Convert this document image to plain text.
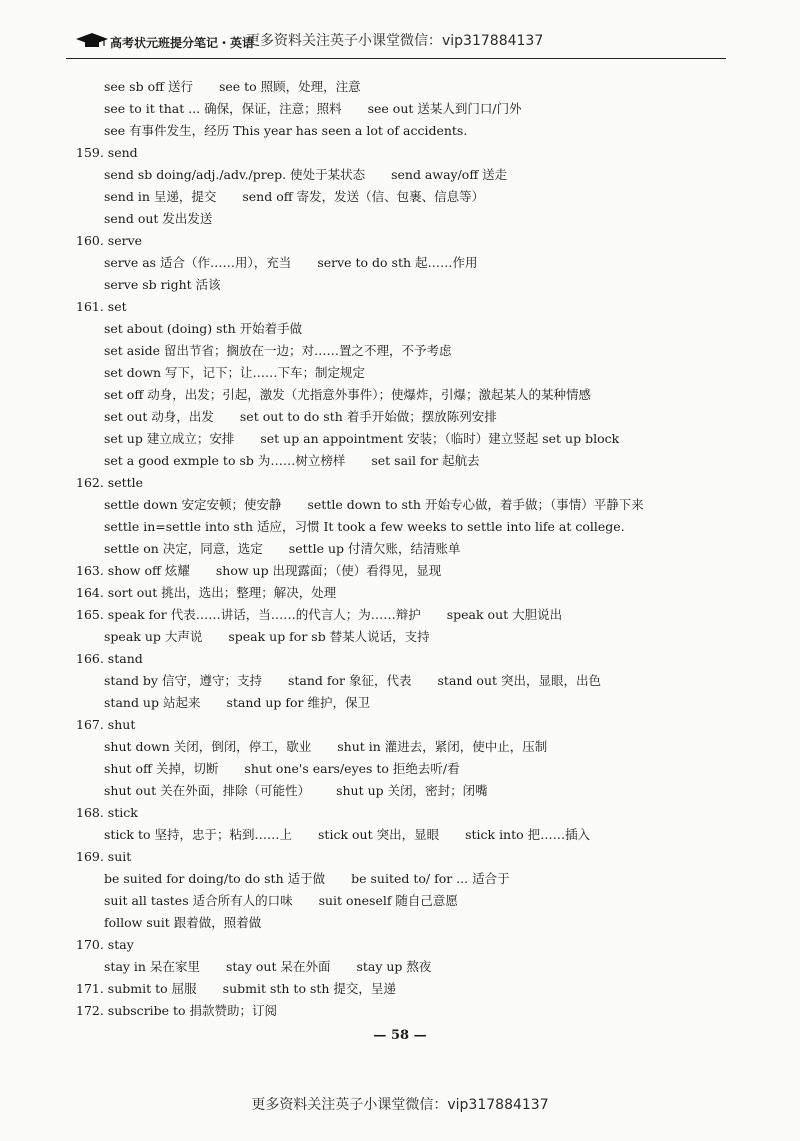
高考状元班提分笔记・英语
更多资料关注英子小课堂微信：vip317884137
see sb off 送行 see to 照顾，处理，注意
see to it that ... 确保，保证，注意；照料 see out 送某人到门口/门外
see 有事件发生，经历 This year has seen a lot of accidents.
159. send
send sb doing/adj./adv./prep. 使处于某状态 send away/off 送走
send in 呈递，提交 send off 寄发，发送（信、包裹、信息等）
send out 发出发送
160. serve
serve as 适合（作……用），充当 serve to do sth 起……作用
serve sb right 活该
161. set
set about (doing) sth 开始着手做
set aside 留出节省；搁放在一边；对……置之不理，不予考虑
set down 写下，记下；让……下车；制定规定
set off 动身，出发；引起，激发（尤指意外事件）；使爆炸，引爆；激起某人的某种情感
set out 动身，出发 set out to do sth 着手开始做；摆放陈列安排
set up 建立成立；安排 set up an appointment 安装；（临时）建立竖起 set up block
set a good exmple to sb 为……树立榜样 set sail for 起航去
162. settle
settle down 安定安顿；使安静 settle down to sth 开始专心做，着手做；（事情）平静下来
settle in=settle into sth 适应，习惯 It took a few weeks to settle into life at college.
settle on 决定，同意，选定 settle up 付清欠账，结清账单
163. show off 炫耀 show up 出现露面；（使）看得见，显现
164. sort out 挑出，选出；整理；解决，处理
165. speak for 代表……讲话，当……的代言人；为……辩护 speak out 大胆说出
speak up 大声说 speak up for sb 替某人说话，支持
166. stand
stand by 信守，遵守；支持 stand for 象征，代表 stand out 突出，显眼，出色
stand up 站起来 stand up for 维护，保卫
167. shut
shut down 关闭，倒闭，停工，歇业 shut in 灌进去，紧闭，使中止，压制
shut off 关掉，切断 shut one's ears/eyes to 拒绝去听/看
shut out 关在外面，排除（可能性） shut up 关闭，密封；闭嘴
168. stick
stick to 坚持，忠于；粘到……上 stick out 突出，显眼 stick into 把……插入
169. suit
be suited for doing/to do sth 适于做 be suited to/ for ... 适合于
suit all tastes 适合所有人的口味 suit oneself 随自己意愿
follow suit 跟着做，照着做
170. stay
stay in 呆在家里 stay out 呆在外面 stay up 熬夜
171. submit to 屈服 submit sth to sth 提交，呈递
172. subscribe to 捐款赞助；订阅
— 58 —
更多资料关注英子小课堂微信：vip317884137
